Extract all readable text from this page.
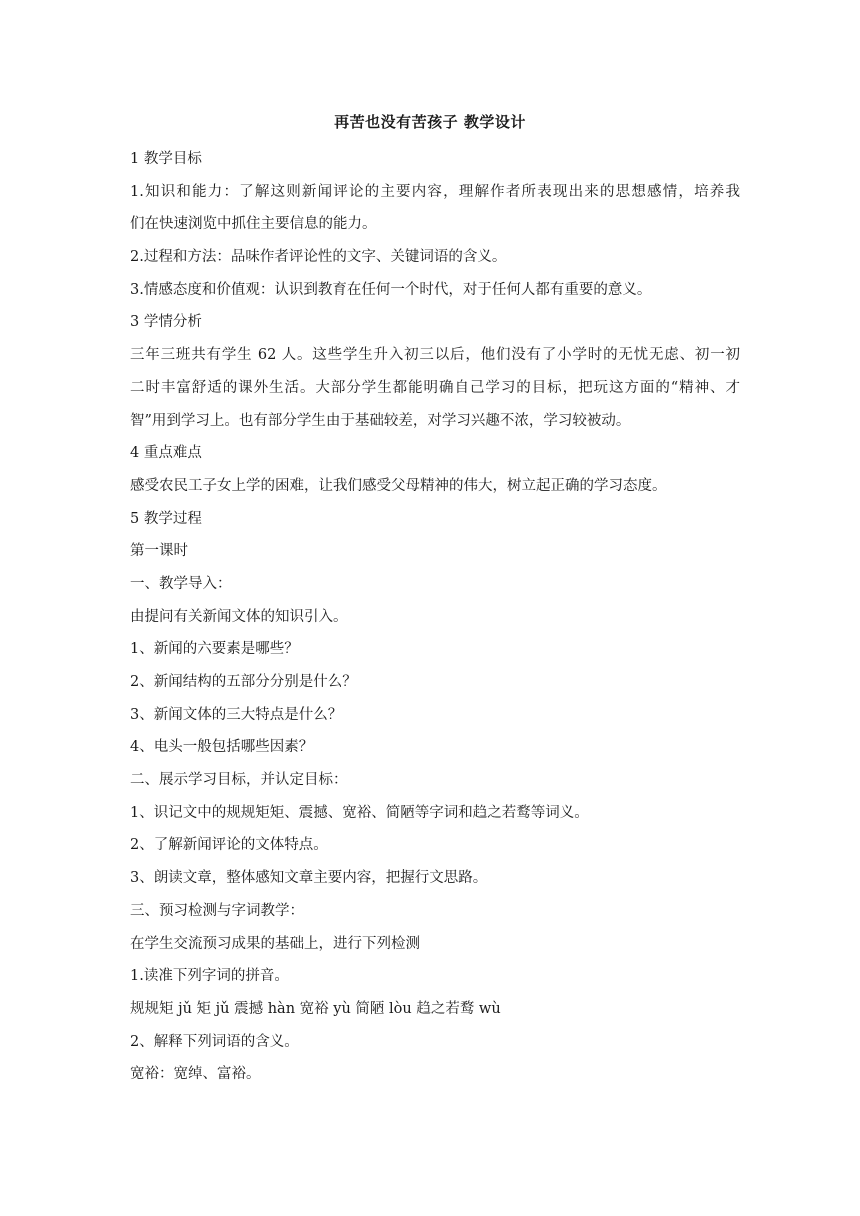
再苦也没有苦孩子 教学设计
1 教学目标
1.知识和能力：了解这则新闻评论的主要内容，理解作者所表现出来的思想感情，培养我
们在快速浏览中抓住主要信息的能力。
2.过程和方法：品味作者评论性的文字、关键词语的含义。
3.情感态度和价值观：认识到教育在任何一个时代，对于任何人都有重要的意义。
3 学情分析
三年三班共有学生 62 人。这些学生升入初三以后，他们没有了小学时的无忧无虑、初一初
二时丰富舒适的课外生活。大部分学生都能明确自己学习的目标，把玩这方面的“精神、才
智”用到学习上。也有部分学生由于基础较差，对学习兴趣不浓，学习较被动。
4 重点难点
感受农民工子女上学的困难，让我们感受父母精神的伟大，树立起正确的学习态度。
5 教学过程
第一课时
一、教学导入：
由提问有关新闻文体的知识引入。
1、新闻的六要素是哪些？
2、新闻结构的五部分分别是什么？
3、新闻文体的三大特点是什么？
4、电头一般包括哪些因素？
二、展示学习目标，并认定目标：
1、识记文中的规规矩矩、震撼、宽裕、简陋等字词和趋之若鹜等词义。
2、了解新闻评论的文体特点。
3、朗读文章，整体感知文章主要内容，把握行文思路。
三、预习检测与字词教学：
在学生交流预习成果的基础上，进行下列检测
1.读准下列字词的拼音。
规规矩 jǔ 矩 jǔ 震撼 hàn 宽裕 yù 简陋 lòu 趋之若鹜 wù
2、解释下列词语的含义。
宽裕：宽绰、富裕。
